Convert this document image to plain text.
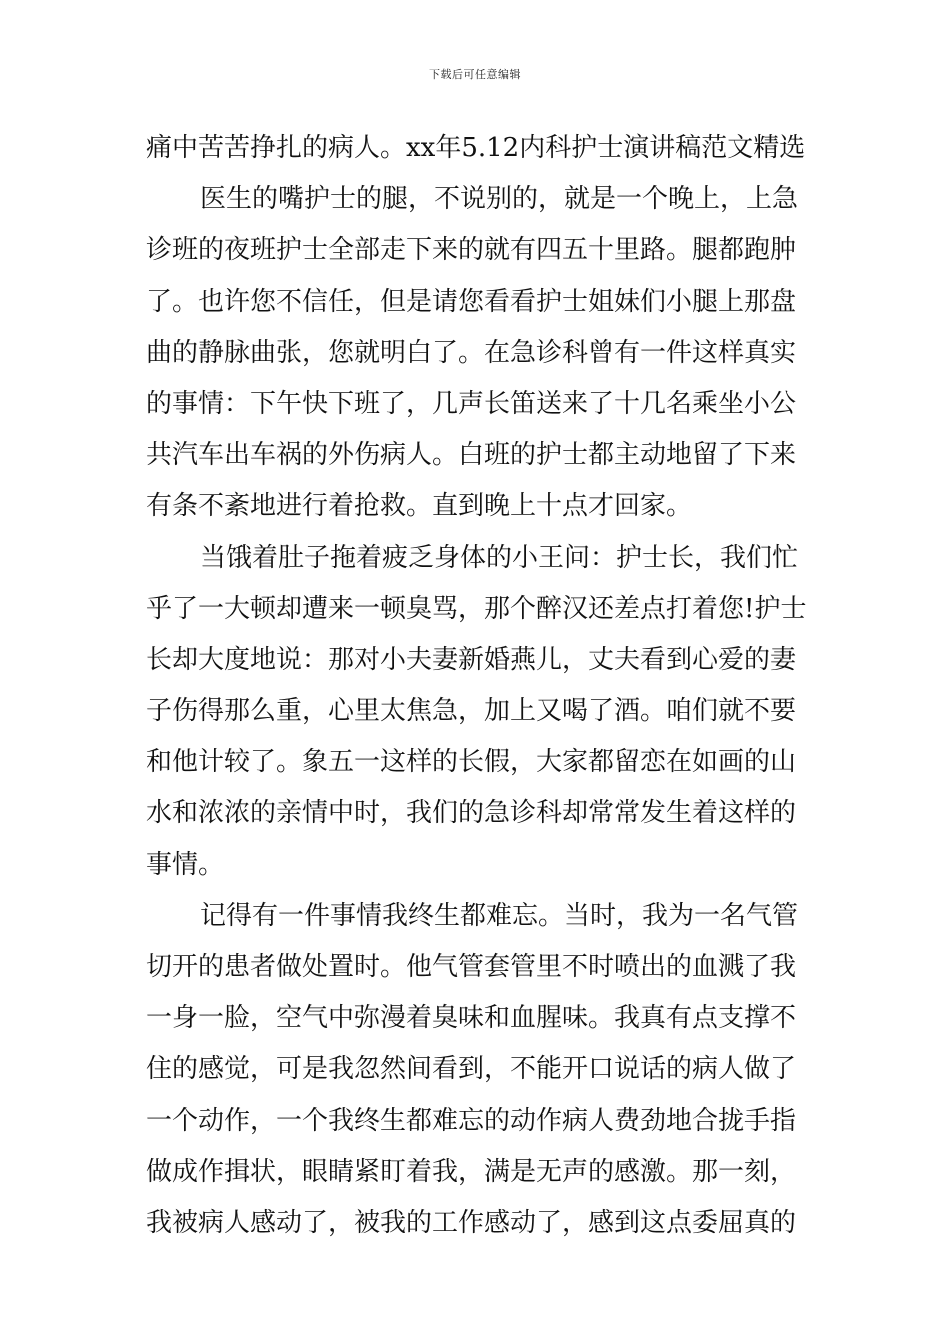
下载后可任意编辑
痛中苦苦挣扎的病人。xx年5.12内科护士演讲稿范文精选
医生的嘴护士的腿，不说别的，就是一个晚上，上急
诊班的夜班护士全部走下来的就有四五十里路。腿都跑肿
了。也许您不信任，但是请您看看护士姐妹们小腿上那盘
曲的静脉曲张，您就明白了。在急诊科曾有一件这样真实
的事情：下午快下班了，几声长笛送来了十几名乘坐小公
共汽车出车祸的外伤病人。白班的护士都主动地留了下来
有条不紊地进行着抢救。直到晚上十点才回家。
当饿着肚子拖着疲乏身体的小王问：护士长，我们忙
乎了一大顿却遭来一顿臭骂，那个醉汉还差点打着您!护士
长却大度地说：那对小夫妻新婚燕儿，丈夫看到心爱的妻
子伤得那么重，心里太焦急，加上又喝了酒。咱们就不要
和他计较了。象五一这样的长假，大家都留恋在如画的山
水和浓浓的亲情中时，我们的急诊科却常常发生着这样的
事情。
记得有一件事情我终生都难忘。当时，我为一名气管
切开的患者做处置时。他气管套管里不时喷出的血溅了我
一身一脸，空气中弥漫着臭味和血腥味。我真有点支撑不
住的感觉，可是我忽然间看到，不能开口说话的病人做了
一个动作，一个我终生都难忘的动作病人费劲地合拢手指
做成作揖状，眼睛紧盯着我，满是无声的感激。那一刻，
我被病人感动了，被我的工作感动了，感到这点委屈真的
